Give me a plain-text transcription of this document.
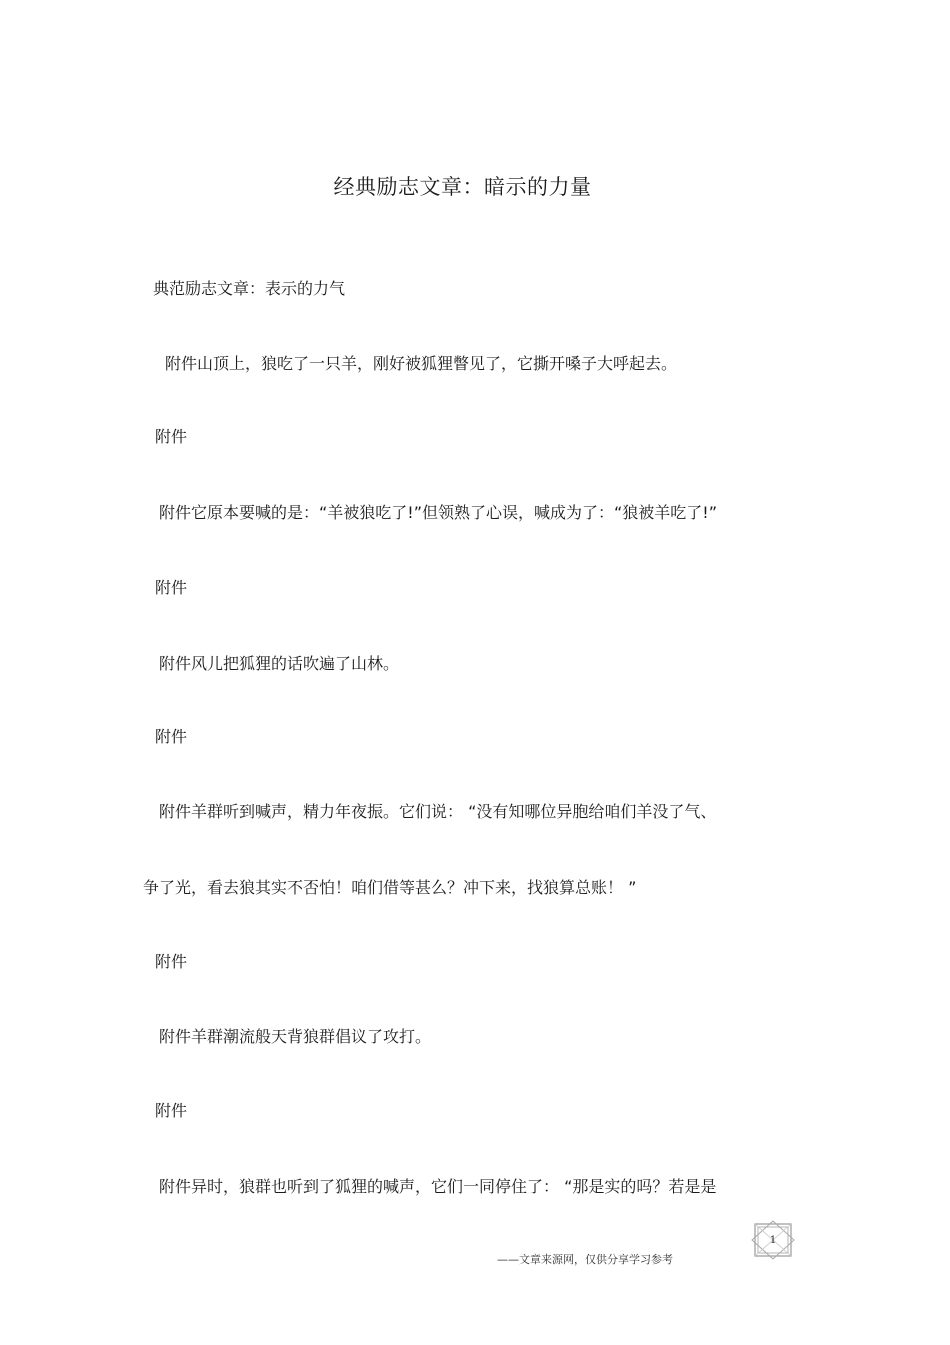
经典励志文章：暗示的力量
典范励志文章：表示的力气
附件山顶上，狼吃了一只羊，刚好被狐狸瞥见了，它撕开嗓子大呼起去。
附件
附件它原本要喊的是：“羊被狼吃了!”但领熟了心误，喊成为了：“狼被羊吃了!”
附件
附件风儿把狐狸的话吹遍了山林。
附件
附件羊群听到喊声，精力年夜振。它们说： “没有知哪位异胞给咱们羊没了气、
争了光，看去狼其实不否怕！咱们借等甚么？冲下来，找狼算总账！ ”
附件
附件羊群潮流般天背狼群倡议了攻打。
附件
附件异时，狼群也听到了狐狸的喊声，它们一同停住了： “那是实的吗？若是是
——文章来源网，仅供分享学习参考
1
